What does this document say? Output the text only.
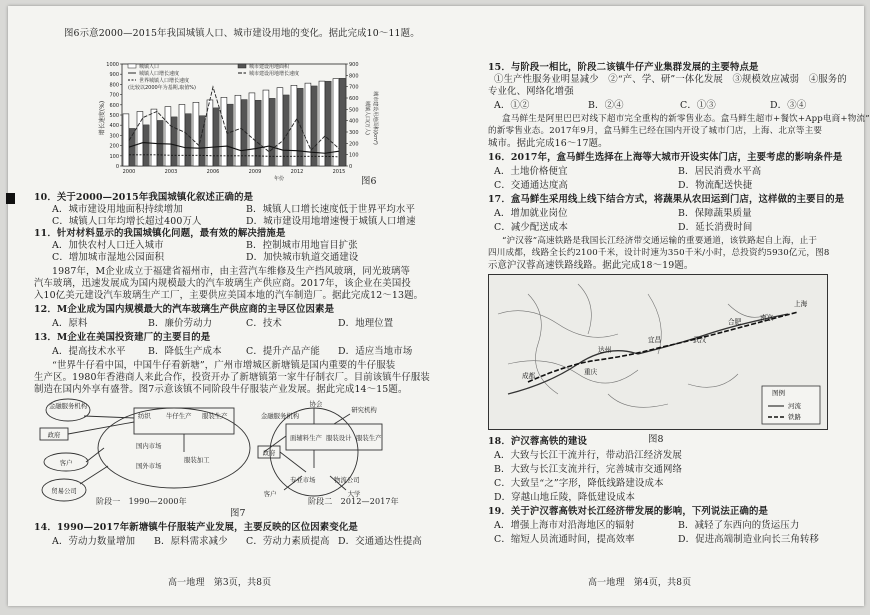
图6示意2000—2015年我国城镇人口、城市建设用地的变化。据此完成10～11题。
0
100
200
300
400
500
600
700
800
900
1000
0
100
200
300
400
500
600
700
800
900
2000	2003	2006	2009	2012	2015
年份
增长速度(%)	城镇人口(万人) 城市建设用地面积(km²)
城镇人口
城镇人口增长速度
世界城镇人口增长速度
城市建设用地面积
城市建设用地增长速度
(比较以2000年为基期,取值%)
图6
10．关于2000—2015年我国城镇化叙述正确的是
A．城市建设用地面积持续增加	B．城镇人口增长速度低于世界平均水平
C．城镇人口年均增长超过400万人	D．城市建设用地增速慢于城镇人口增速
11．针对材料显示的我国城镇化问题，最有效的解决措施是
A．加快农村人口迁入城市	B．控制城市用地盲目扩张
C．增加城市湿地公园面积	D．加快城市轨道交通建设
1987年，M企业成立于福建省福州市，由主营汽车维修及生产挡风玻璃，同光玻璃等
汽车玻璃，迅速发展成为国内规模最大的汽车玻璃生产供应商。2017年，该企业在美国投
入10亿美元建设汽车玻璃生产工厂，主要供应美国本地的汽车制造厂。据此完成12～13题。
12．M企业成为国内规模最大的汽车玻璃生产供应商的主导区位因素是
A．原料	B．廉价劳动力	C．技术	D．地理位置
13．M企业在美国投资建厂的主要目的是
A．提高技术水平 B．降低生产成本	C．提升产品产能 D．适应当地市场
“世界牛仔看中国，中国牛仔看新塘”，广州市增城区新塘镇是国内重要的牛仔服装
生产区。1980年香港商人来此合作，投资开办了新塘镇第一家牛仔制衣厂。目前该镇牛仔服装
制造在国内外享有盛誉。图7示意该镇不同阶段牛仔服装产业发展。据此完成14～15题。
金融服务机构
政府
客户
贸易公司
国内市场
国外市场
纺织 牛仔生产 服装生产
服装加工
协会
政府
客户	大学
研究机构
金融服务机构
物流公司
专业市场
面辅料生产 服装设计 服装生产
阶段一　1990—2000年	阶段二　2012—2017年
图7
14．1990—2017年新塘镇牛仔服装产业发展，主要反映的区位因素变化是
A．劳动力数量增加 B．原料需求减少 C．劳动力素质提高 D．交通通达性提高
高一地理　第3页，共8页
15．与阶段一相比，阶段二该镇牛仔产业集群发展的主要特点是
①生产性服务业明显减少　②“产、学、研”一体化发展　③规模效应减弱　④服务的
专业化、网络化增强
A．①②	B．②④	C．①③	D．③④
盒马鲜生是阿里巴巴对线下超市完全重构的新零售业态。盒马鲜生超市+餐饮+App电商+物流”
的新零售业态。2017年9月，盒马鲜生已经在国内开设了城市门店，上海、北京等主要
城市。据此完成16～17题。
16．2017年，盒马鲜生选择在上海等大城市开设实体门店，主要考虑的影响条件是
A．土地价格便宜	B．居民消费水平高
C．交通通达度高	D．物流配送快捷
17．盒马鲜生采用线上线下结合方式，将蔬果从农田运到门店，这样做的主要目的是
A．增加就业岗位	B．保障蔬果质量
C．减少配送成本	D．延长消费时间
“沪汉蓉”高速铁路是我国长江经济带交通运输的重要通道，该铁路起自上海，止于
四川成都，线路全长约2100千米，设计时速为350千米/小时，总投资约5930亿元，图8
示意沪汉蓉高速铁路线路。据此完成18～19题。
成都	重庆
达州
宜昌	武汉
合肥	南京
上海
图例
河流
铁路
图8
18．沪汉蓉高铁的建设
A．大致与长江干流并行，带动沿江经济发展
B．大致与长江支流并行，完善城市交通网络
C．大致呈“之”字形，降低线路建设成本
D．穿越山地丘陵，降低建设成本
19．关于沪汉蓉高铁对长江经济带发展的影响，下列说法正确的是
A．增强上海市对沿海地区的辐射	B．减轻了东西向的货运压力
C．缩短人员流通时间，提高效率	D．促进高端制造业向长三角转移
高一地理　第4页，共8页
